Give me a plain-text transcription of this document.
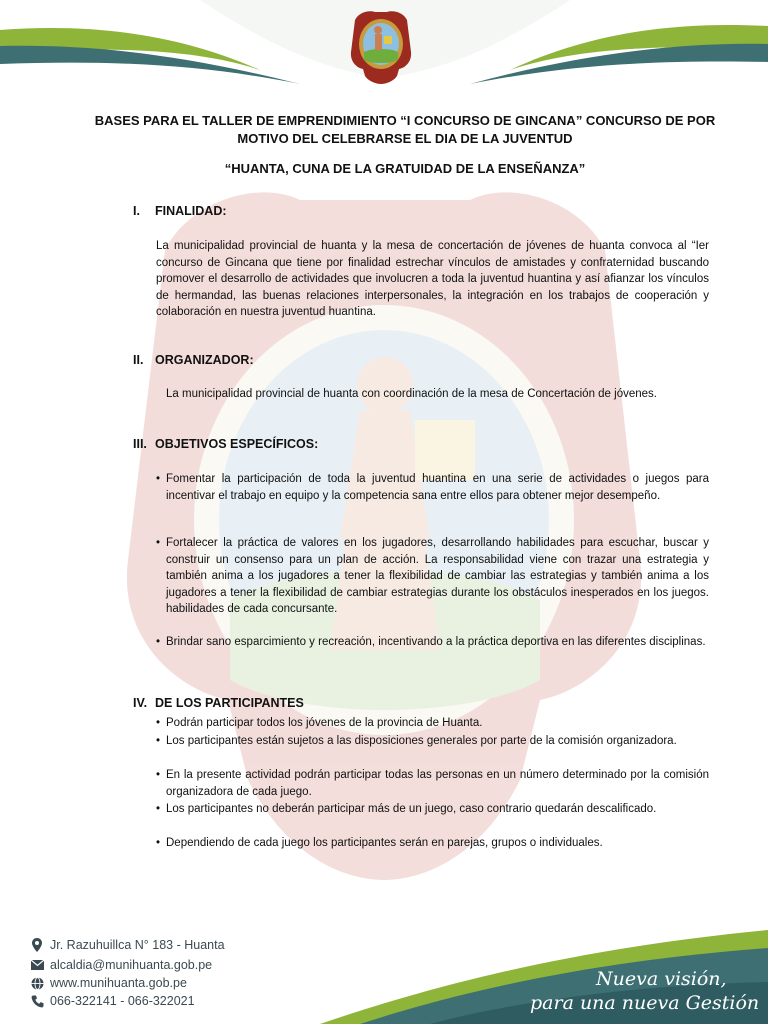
BASES PARA EL TALLER DE EMPRENDIMIENTO “I CONCURSO DE GINCANA” CONCURSO DE POR
MOTIVO DEL CELEBRARSE EL DIA DE LA JUVENTUD
“HUANTA, CUNA DE LA GRATUIDAD DE LA ENSEÑANZA”
I. FINALIDAD:
La municipalidad provincial de huanta y la mesa de concertación de jóvenes de huanta convoca al “Ier concurso de Gincana que tiene por finalidad estrechar vínculos de amistades y confraternidad buscando promover el desarrollo de actividades que involucren a toda la juventud huantina y así afianzar los vínculos de hermandad, las buenas relaciones interpersonales, la integración en los trabajos de cooperación y colaboración en nuestra juventud huantina.
II. ORGANIZADOR:
La municipalidad provincial de huanta con coordinación de la mesa de Concertación de jóvenes.
III. OBJETIVOS ESPECÍFICOS:
• Fomentar la participación de toda la juventud huantina en una serie de actividades o juegos para incentivar el trabajo en equipo y la competencia sana entre ellos para obtener mejor desempeño.
• Fortalecer la práctica de valores en los jugadores, desarrollando habilidades para escuchar, buscar y construir un consenso para un plan de acción. La responsabilidad viene con trazar una estrategia y también anima a los jugadores a tener la flexibilidad de cambiar las estrategias y también anima a los jugadores a tener la flexibilidad de cambiar estrategias durante los obstáculos inesperados en los juegos. habilidades de cada concursante.
• Brindar sano esparcimiento y recreación, incentivando a la práctica deportiva en las diferentes disciplinas.
IV. DE LOS PARTICIPANTES
• Podrán participar todos los jóvenes de la provincia de Huanta.
• Los participantes están sujetos a las disposiciones generales por parte de la comisión organizadora.
• En la presente actividad podrán participar todas las personas en un número determinado por la comisión organizadora de cada juego.
• Los participantes no deberán participar más de un juego, caso contrario quedarán descalificado.
• Dependiendo de cada juego los participantes serán en parejas, grupos o individuales.
Jr. Razuhuillca N° 183 - Huanta
alcaldia@munihuanta.gob.pe
www.munihuanta.gob.pe
066-322141 - 066-322021
Nueva visión,
para una nueva Gestión
